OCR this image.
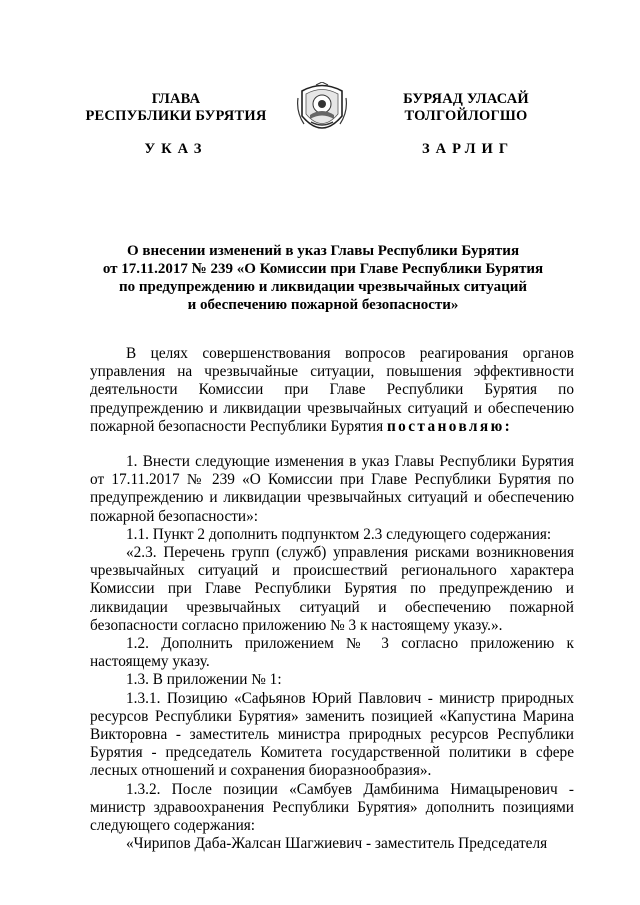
ГЛАВА
РЕСПУБЛИКИ БУРЯТИЯ
БУРЯАД УЛАСАЙ
ТОЛГОЙЛОГШО
УКАЗ	ЗАРЛИГ
О внесении изменений в указ Главы Республики Бурятия
от 17.11.2017 № 239 «О Комиссии при Главе Республики Бурятия
по предупреждению и ликвидации чрезвычайных ситуаций
и обеспечению пожарной безопасности»

В целях совершенствования вопросов реагирования органов управления на чрезвычайные ситуации, повышения эффективности деятельности Комиссии при Главе Республики Бурятия по предупреждению и ликвидации чрезвычайных ситуаций и обеспечению пожарной безопасности Республики Бурятия постановляю:

1. Внести следующие изменения в указ Главы Республики Бурятия от 17.11.2017 № 239 «О Комиссии при Главе Республики Бурятия по предупреждению и ликвидации чрезвычайных ситуаций и обеспечению пожарной безопасности»:

1.1. Пункт 2 дополнить подпунктом 2.3 следующего содержания:

«2.3. Перечень групп (служб) управления рисками возникновения чрезвычайных ситуаций и происшествий регионального характера Комиссии при Главе Республики Бурятия по предупреждению и ликвидации чрезвычайных ситуаций и обеспечению пожарной безопасности согласно приложению № 3 к настоящему указу.».

1.2. Дополнить приложением № 3 согласно приложению к настоящему указу.

1.3. В приложении № 1:

1.3.1. Позицию «Сафьянов Юрий Павлович - министр природных ресурсов Республики Бурятия» заменить позицией «Капустина Марина Викторовна - заместитель министра природных ресурсов Республики Бурятия - председатель Комитета государственной политики в сфере лесных отношений и сохранения биоразнообразия».

1.3.2. После позиции «Самбуев Дамбинима Нимацыренович - министр здравоохранения Республики Бурятия» дополнить позициями следующего содержания:

«Чирипов Даба-Жалсан Шагжиевич - заместитель Председателя
